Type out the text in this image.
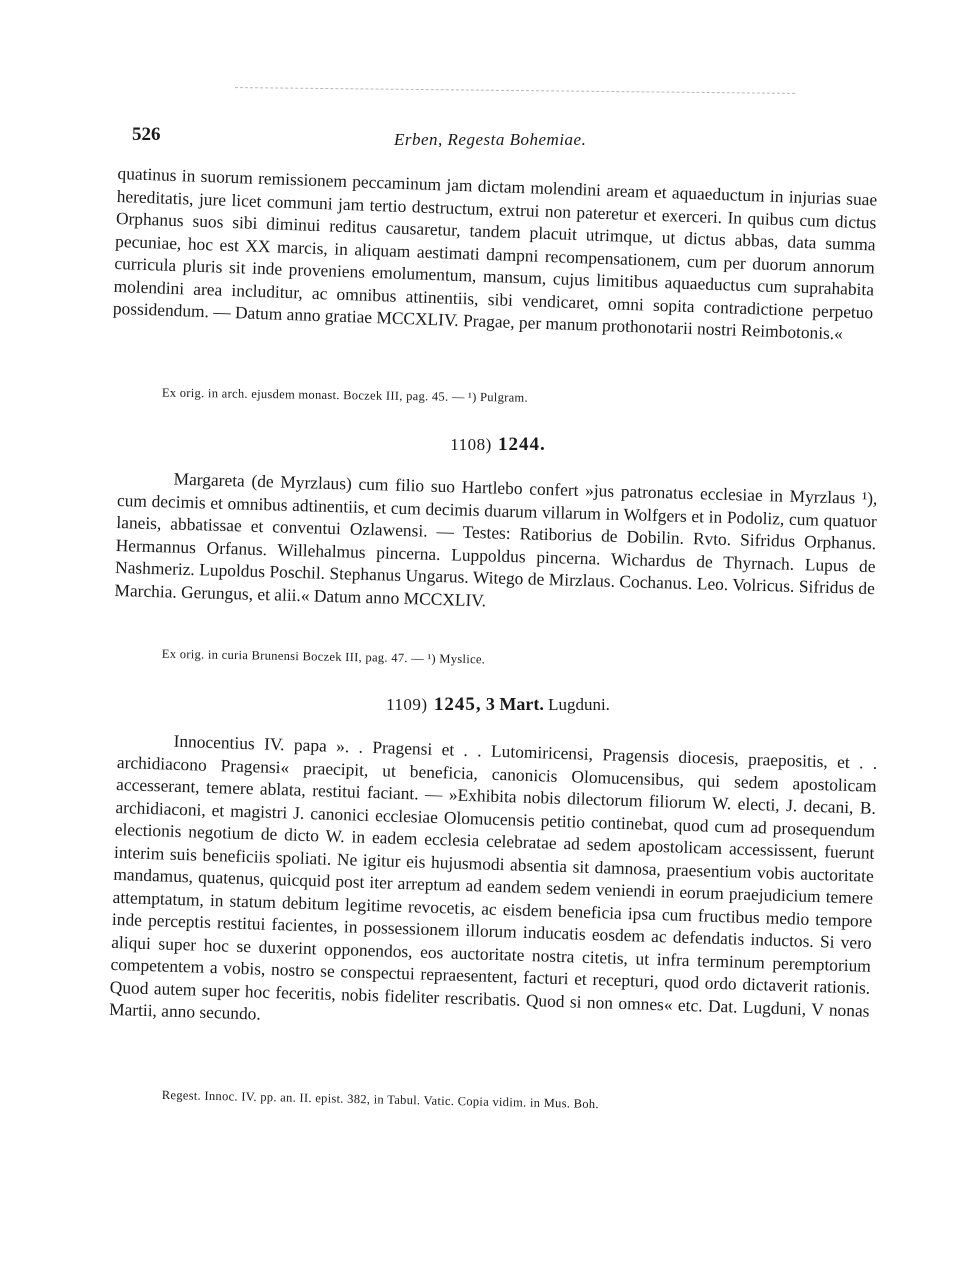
526	Erben, Regesta Bohemiae.

quatinus in suorum remissionem peccaminum jam dictam molendini aream et aquaeductum in injurias suae hereditatis, jure licet communi jam tertio destructum, extrui non pateretur et exerceri. In quibus cum dictus Orphanus suos sibi diminui reditus causaretur, tandem placuit utrimque, ut dictus abbas, data summa pecuniae, hoc est XX marcis, in aliquam aestimati dampni recompensationem, cum per duorum annorum curricula pluris sit inde proveniens emolumentum, mansum, cujus limitibus aquaeductus cum suprahabita molendini area includitur, ac omnibus attinentiis, sibi vendicaret, omni sopita contradictione perpetuo possidendum. — Datum anno gratiae MCCXLIV. Pragae, per manum prothonotarii nostri Reimbotonis.«

Ex orig. in arch. ejusdem monast. Boczek III, pag. 45. — ¹) Pulgram.
1108) 1244.

Margareta (de Myrzlaus) cum filio suo Hartlebo confert »jus patronatus ecclesiae in Myrzlaus ¹), cum decimis et omnibus adtinentiis, et cum decimis duarum villarum in Wolfgers et in Podoliz, cum quatuor laneis, abbatissae et conventui Ozlawensi. — Testes: Ratiborius de Dobilin. Rvto. Sifridus Orphanus. Hermannus Orfanus. Willehalmus pincerna. Luppoldus pincerna. Wichardus de Thyrnach. Lupus de Nashmeriz. Lupoldus Poschil. Stephanus Ungarus. Witego de Mirzlaus. Cochanus. Leo. Volricus. Sifridus de Marchia. Gerungus, et alii.« Datum anno MCCXLIV.

Ex orig. in curia Brunensi Boczek III, pag. 47. — ¹) Myslice.
1109) 1245, 3 Mart. Lugduni.

Innocentius IV. papa ». . Pragensi et . . Lutomiricensi, Pragensis diocesis, praepositis, et . . archidiacono Pragensi« praecipit, ut beneficia, canonicis Olomucensibus, qui sedem apostolicam accesserant, temere ablata, restitui faciant. — »Exhibita nobis dilectorum filiorum W. electi, J. decani, B. archidiaconi, et magistri J. canonici ecclesiae Olomucensis petitio continebat, quod cum ad prosequendum electionis negotium de dicto W. in eadem ecclesia celebratae ad sedem apostolicam accessissent, fuerunt interim suis beneficiis spoliati. Ne igitur eis hujusmodi absentia sit damnosa, praesentium vobis auctoritate mandamus, quatenus, quicquid post iter arreptum ad eandem sedem veniendi in eorum praejudicium temere attemptatum, in statum debitum legitime revocetis, ac eisdem beneficia ipsa cum fructibus medio tempore inde perceptis restitui facientes, in possessionem illorum inducatis eosdem ac defendatis inductos. Si vero aliqui super hoc se duxerint opponendos, eos auctoritate nostra citetis, ut infra terminum peremptorium competentem a vobis, nostro se conspectui repraesentent, facturi et recepturi, quod ordo dictaverit rationis. Quod autem super hoc feceritis, nobis fideliter rescribatis. Quod si non omnes« etc. Dat. Lugduni, V nonas Martii, anno secundo.

Regest. Innoc. IV. pp. an. II. epist. 382, in Tabul. Vatic. Copia vidim. in Mus. Boh.
